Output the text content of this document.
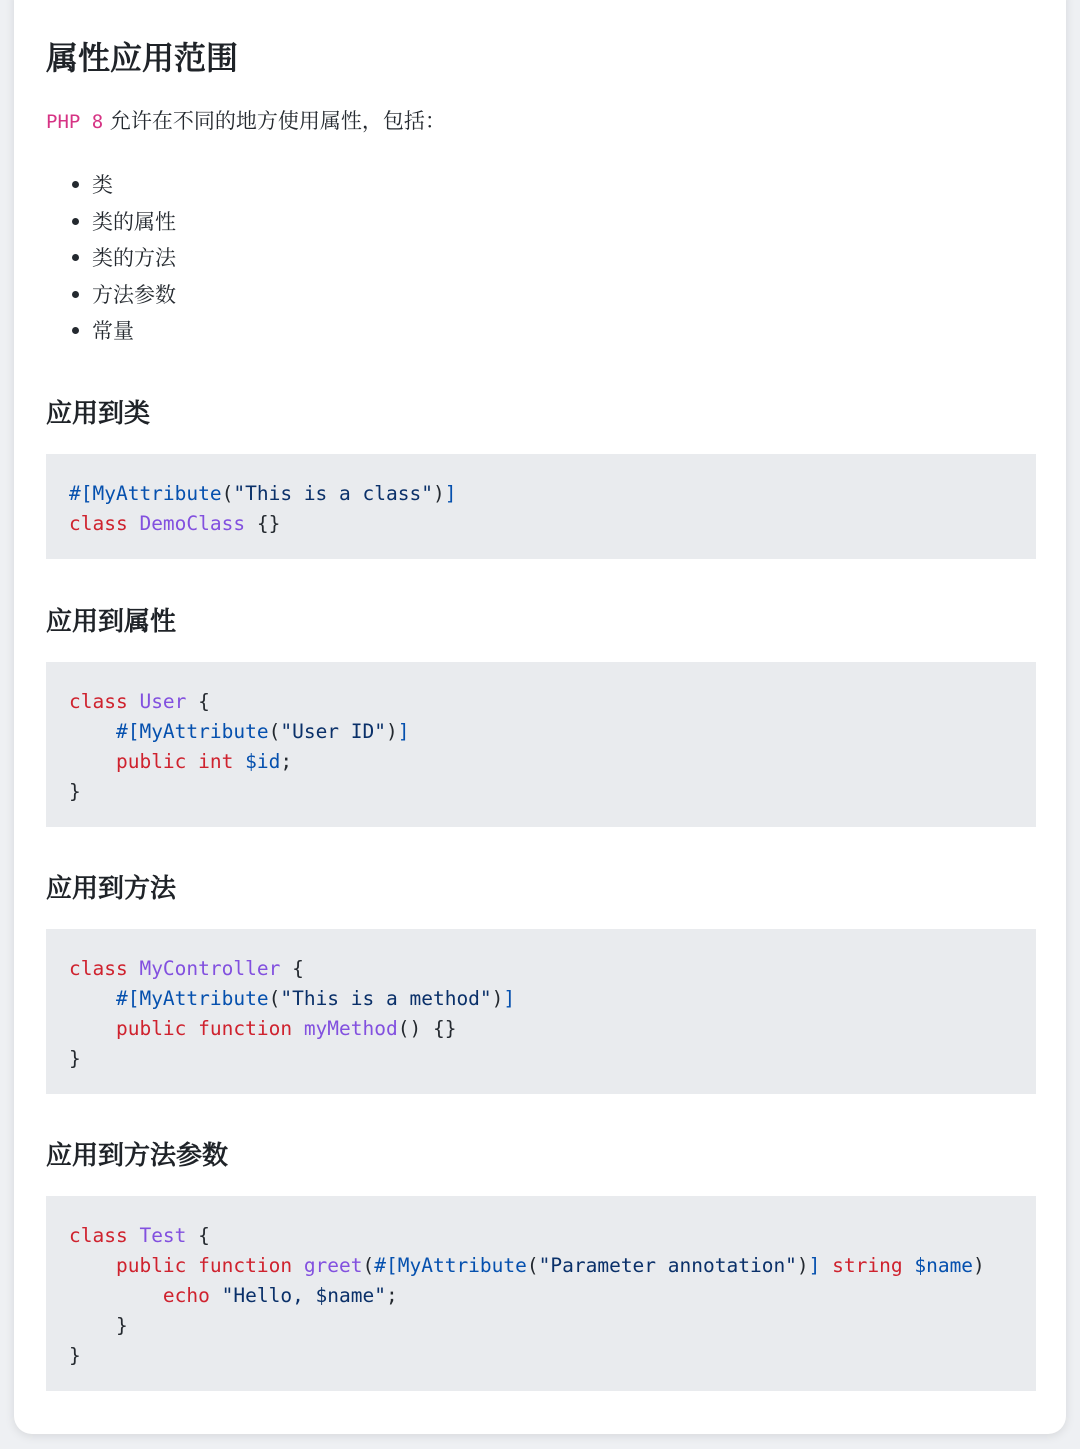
属性应用范围

PHP 8 允许在不同的地方使用属性，包括：

类
类的属性
类的方法
方法参数
常量
应用到类
#[MyAttribute("This is a class")]
class DemoClass {}
应用到属性
class User {
#[MyAttribute("User ID")]
public int $id;
}
应用到方法
class MyController {
#[MyAttribute("This is a method")]
public function myMethod() {}
}
应用到方法参数
class Test {
public function greet(#[MyAttribute("Parameter annotation")] string $name)
echo "Hello, $name";
}
}
